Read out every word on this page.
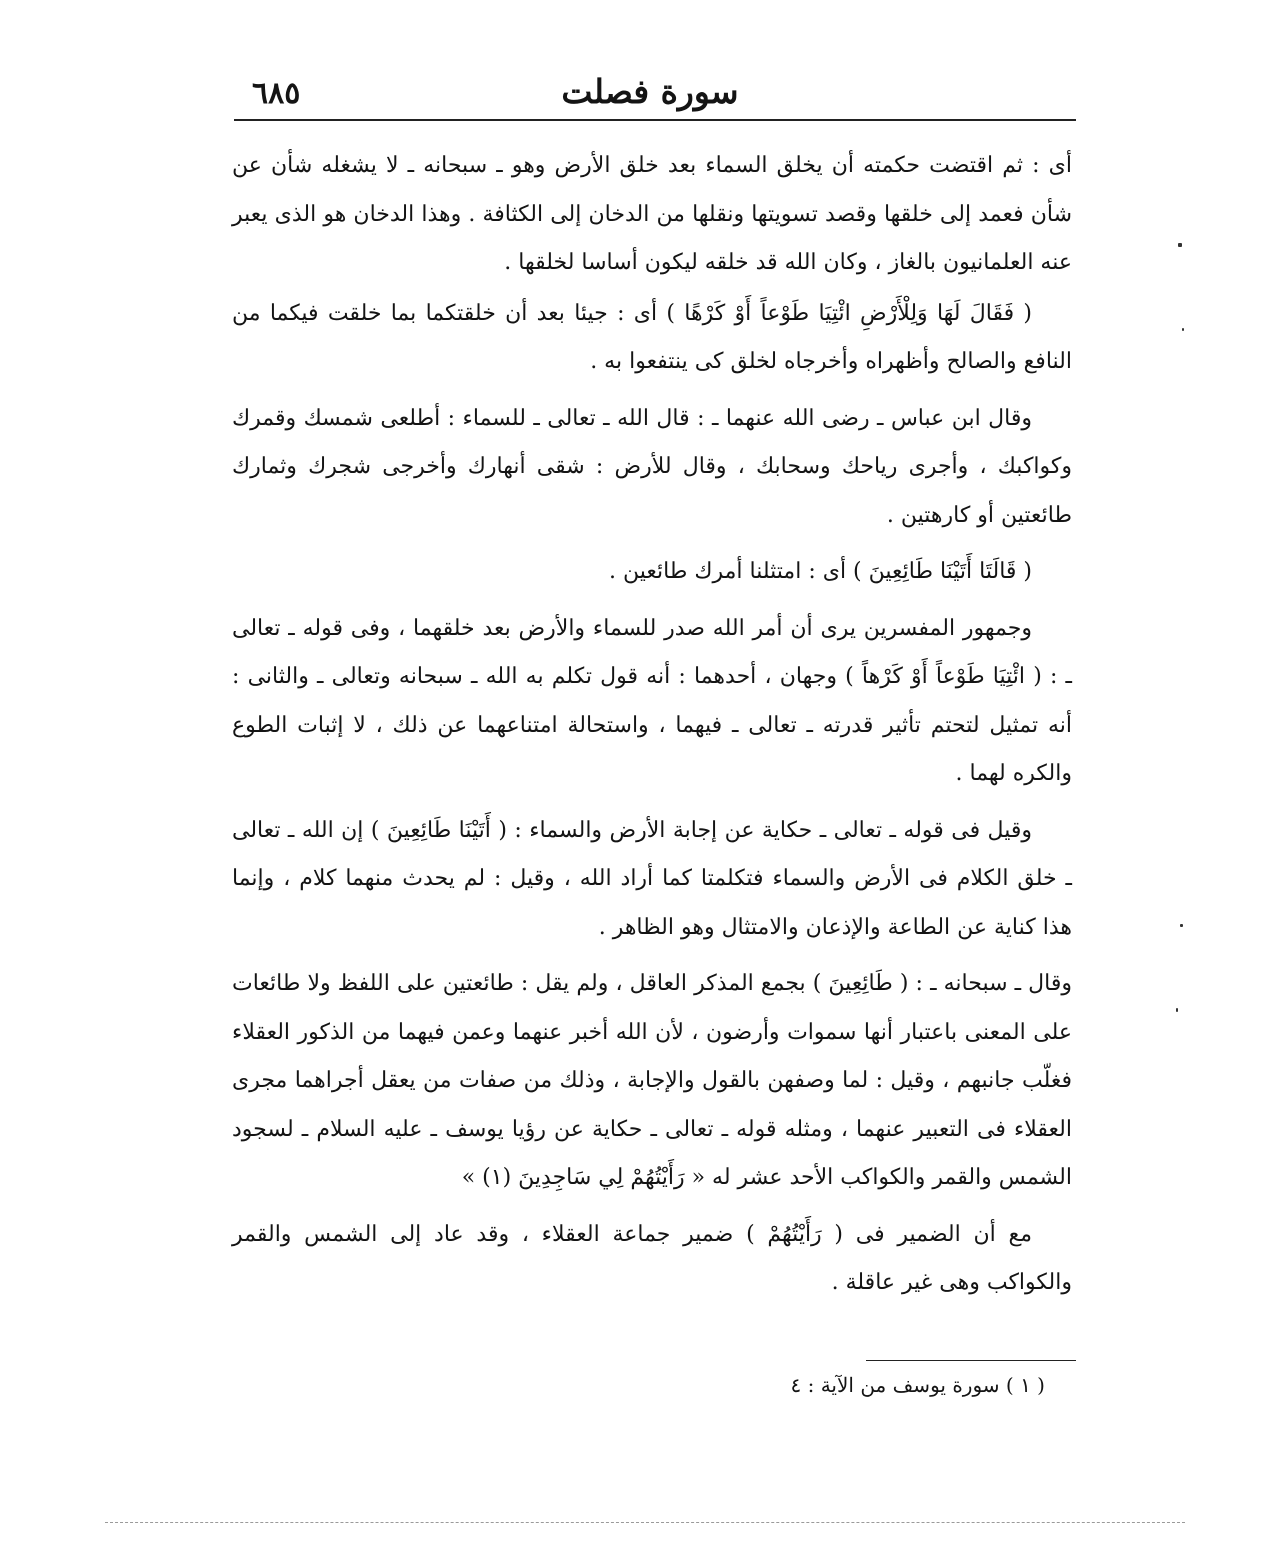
٦٨٥	سورة فصلت

أى : ثم اقتضت حكمته أن يخلق السماء بعد خلق الأرض وهو ـ سبحانه ـ لا يشغله شأن عن شأن فعمد إلى خلقها وقصد تسويتها ونقلها من الدخان إلى الكثافة . وهذا الدخان هو الذى يعبر عنه العلمانيون بالغاز ، وكان الله قد خلقه ليكون أساسا لخلقها .

( فَقَالَ لَهَا وَلِلْأَرْضِ ائْتِيَا طَوْعاً أَوْ كَرْهًا ) أى : جيئا بعد أن خلقتكما بما خلقت فيكما من النافع والصالح وأظهراه وأخرجاه لخلق كى ينتفعوا به .

وقال ابن عباس ـ رضى الله عنهما ـ : قال الله ـ تعالى ـ للسماء : أطلعى شمسك وقمرك وكواكبك ، وأجرى رياحك وسحابك ، وقال للأرض : شقى أنهارك وأخرجى شجرك وثمارك طائعتين أو كارهتين .

( قَالَتَا أَتَيْنَا طَائِعِينَ ) أى : امتثلنا أمرك طائعين .

وجمهور المفسرين يرى أن أمر الله صدر للسماء والأرض بعد خلقهما ، وفى قوله ـ تعالى ـ : ( ائْتِيَا طَوْعاً أَوْ كَرْهاً ) وجهان ، أحدهما : أنه قول تكلم به الله ـ سبحانه وتعالى ـ والثانى : أنه تمثيل لتحتم تأثير قدرته ـ تعالى ـ فيهما ، واستحالة امتناعهما عن ذلك ، لا إثبات الطوع والكره لهما .

وقيل فى قوله ـ تعالى ـ حكاية عن إجابة الأرض والسماء : ( أَتَيْنَا طَائِعِينَ ) إن الله ـ تعالى ـ خلق الكلام فى الأرض والسماء فتكلمتا كما أراد الله ، وقيل : لم يحدث منهما كلام ، وإنما هذا كناية عن الطاعة والإذعان والامتثال وهو الظاهر .

وقال ـ سبحانه ـ : ( طَائِعِينَ ) بجمع المذكر العاقل ، ولم يقل : طائعتين على اللفظ ولا طائعات على المعنى باعتبار أنها سموات وأرضون ، لأن الله أخبر عنهما وعمن فيهما من الذكور العقلاء فغلّب جانبهم ، وقيل : لما وصفهن بالقول والإجابة ، وذلك من صفات من يعقل أجراهما مجرى العقلاء فى التعبير عنهما ، ومثله قوله ـ تعالى ـ حكاية عن رؤيا يوسف ـ عليه السلام ـ لسجود الشمس والقمر والكواكب الأحد عشر له « رَأَيْتُهُمْ لِي سَاجِدِينَ (١) »

مع أن الضمير فى ( رَأَيْتُهُمْ ) ضمير جماعة العقلاء ، وقد عاد إلى الشمس والقمر والكواكب وهى غير عاقلة .

( ١ ) سورة يوسف من الآية : ٤
